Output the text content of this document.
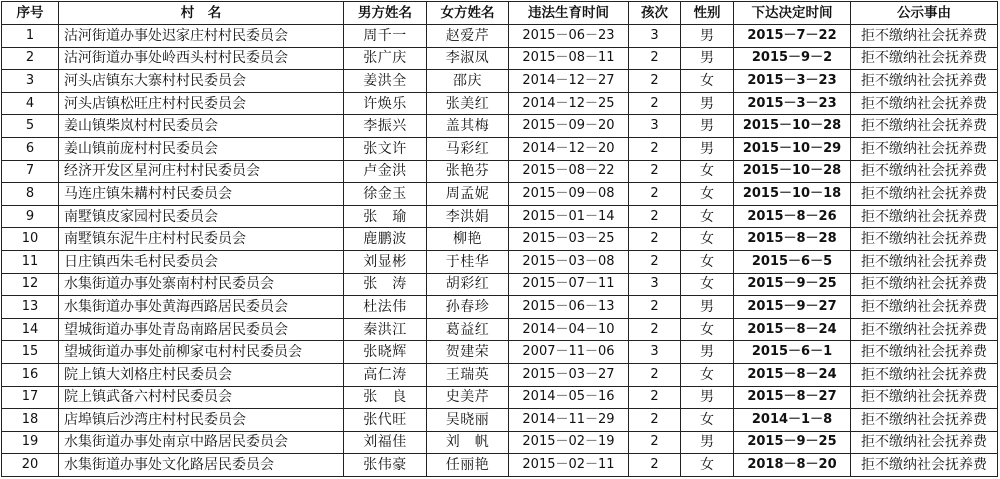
序号	村　名	男方姓名	女方姓名	违法生育时间	孩次	性别	下达决定时间	公示事由
1	沽河街道办事处迟家庄村村民委员会	周千一	赵爱芹	2015－06－23	3	男	2015－7－22	拒不缴纳社会抚养费
2	沽河街道办事处岭西头村村民委员会	张广庆	李淑凤	2015－08－11	2	男	2015－9－2	拒不缴纳社会抚养费
3	河头店镇东大寨村村民委员会	姜洪全	邵庆	2014－12－27	2	女	2015－3－23	拒不缴纳社会抚养费
4	河头店镇松旺庄村村民委员会	许焕乐	张美红	2014－12－25	2	男	2015－3－23	拒不缴纳社会抚养费
5	姜山镇柴岚村村民委员会	李振兴	盖其梅	2015－09－20	3	男	2015－10－28	拒不缴纳社会抚养费
6	姜山镇前庞村村民委员会	张文许	马彩红	2014－12－20	2	男	2015－10－29	拒不缴纳社会抚养费
7	经济开发区星河庄村村民委员会	卢金洪	张艳芬	2015－08－22	2	女	2015－10－28	拒不缴纳社会抚养费
8	马连庄镇朱耩村村民委员会	徐金玉	周孟妮	2015－09－08	2	女	2015－10－18	拒不缴纳社会抚养费
9	南墅镇皮家园村民委员会	张　瑜	李洪娟	2015－01－14	2	女	2015－8－26	拒不缴纳社会抚养费
10	南墅镇东泥牛庄村村民委员会	鹿鹏波	柳艳	2015－03－25	2	女	2015－8－28	拒不缴纳社会抚养费
11	日庄镇西朱毛村民委员会	刘显彬	于桂华	2015－03－08	2	女	2015－6－5	拒不缴纳社会抚养费
12	水集街道办事处寨南村村民委员会	张　涛	胡彩红	2015－07－11	3	女	2015－9－25	拒不缴纳社会抚养费
13	水集街道办事处黄海西路居民委员会	杜法伟	孙春珍	2015－06－13	2	男	2015－9－27	拒不缴纳社会抚养费
14	望城街道办事处青岛南路居民委员会	秦洪江	葛益红	2014－04－10	2	女	2015－8－24	拒不缴纳社会抚养费
15	望城街道办事处前柳家屯村村民委员会	张晓辉	贺建荣	2007－11－06	3	男	2015－6－1	拒不缴纳社会抚养费
16	院上镇大刘格庄村民委员会	高仁涛	王瑞英	2015－03－27	2	女	2015－8－24	拒不缴纳社会抚养费
17	院上镇武备六村村民委员会	张　良	史美芹	2014－05－16	2	男	2015－8－27	拒不缴纳社会抚养费
18	店埠镇后沙湾庄村村民委员会	张代旺	吴晓丽	2014－11－29	2	女	2014－1－8	拒不缴纳社会抚养费
19	水集街道办事处南京中路居民委员会	刘福佳	刘　帆	2015－02－19	2	男	2015－9－25	拒不缴纳社会抚养费
20	水集街道办事处文化路居民委员会	张伟豪	任丽艳	2015－02－11	2	女	2018－8－20	拒不缴纳社会抚养费
